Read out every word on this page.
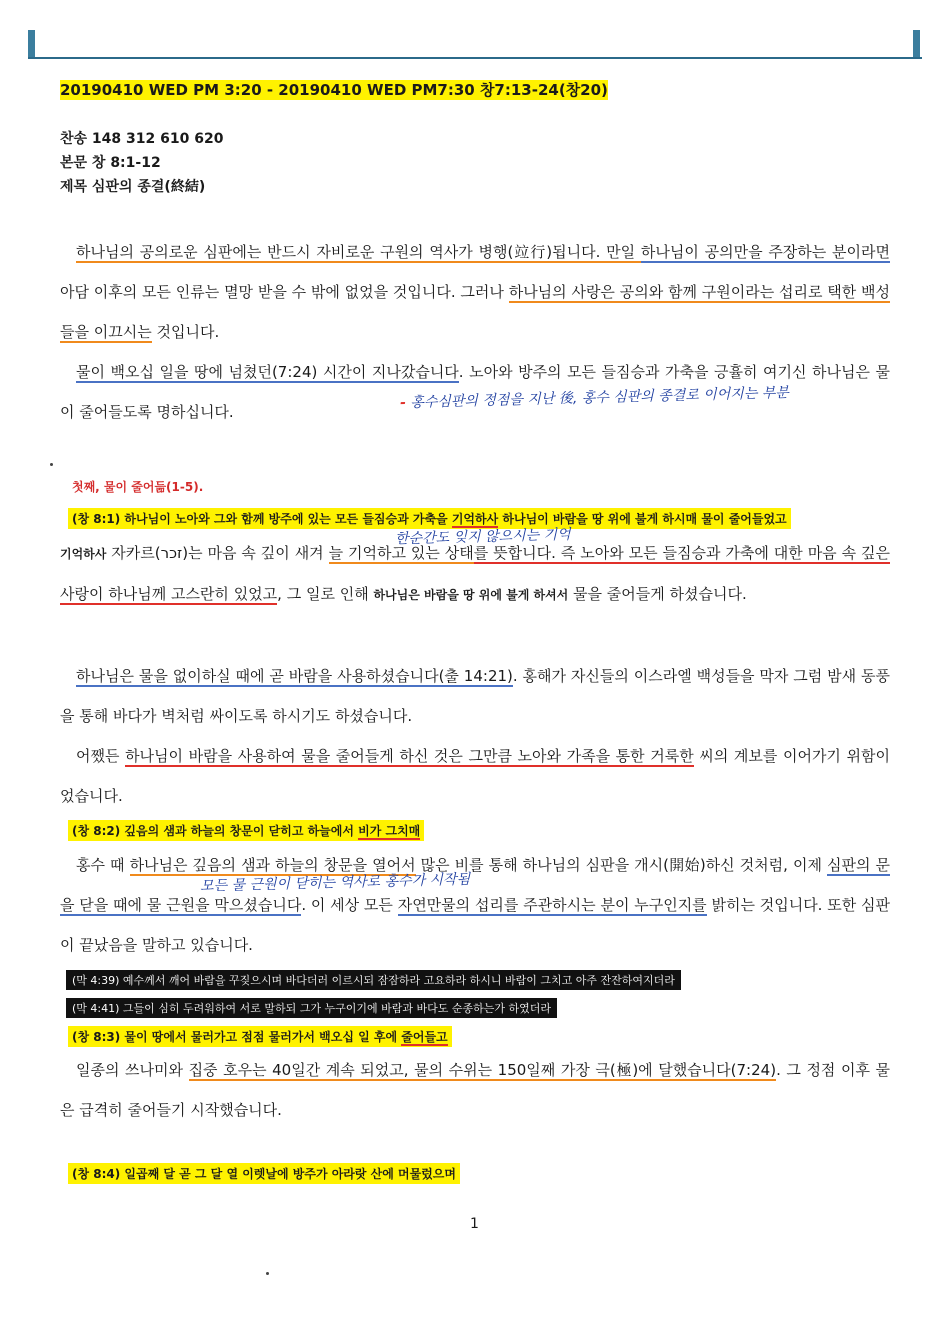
20190410 WED PM 3:20 - 20190410 WED PM7:30 창7:13-24(창20)
찬송 148 312 610 620
본문 창 8:1-12
제목 심판의 종결(終結)

하나님의 공의로운 심판에는 반드시 자비로운 구원의 역사가 병행(竝行)됩니다. 만일 하나님이 공의만을 주장하는 분이라면 아담 이후의 모든 인류는 멸망 받을 수 밖에 없었을 것입니다. 그러나 하나님의 사랑은 공의와 함께 구원이라는 섭리로 택한 백성들을 이끄시는 것입니다.

물이 백오십 일을 땅에 넘쳤던(7:24) 시간이 지나갔습니다. 노아와 방주의 모든 들짐승과 가축을 긍휼히 여기신 하나님은 물이 줄어들도록 명하십니다.	- 홍수심판의 정점을 지난 後, 홍수 심판의 종결로 이어지는 부분
첫째, 물이 줄어듦(1-5).
(창 8:1) 하나님이 노아와 그와 함께 방주에 있는 모든 들짐승과 가축을 기억하사 하나님이 바람을 땅 위에 불게 하시매 물이 줄어들었고
한순간도 잊지 않으시는 기억

기억하사 자카르(זכר)는 마음 속 깊이 새겨 늘 기억하고 있는 상태를 뜻합니다. 즉 노아와 모든 들짐승과 가축에 대한 마음 속 깊은 사랑이 하나님께 고스란히 있었고, 그 일로 인해 하나님은 바람을 땅 위에 불게 하셔서 물을 줄어들게 하셨습니다.

하나님은 물을 없이하실 때에 곧 바람을 사용하셨습니다(출 14:21). 홍해가 자신들의 이스라엘 백성들을 막자 그럼 밤새 동풍을 통해 바다가 벽처럼 싸이도록 하시기도 하셨습니다.

어쨌든 하나님이 바람을 사용하여 물을 줄어들게 하신 것은 그만큼 노아와 가족을 통한 거룩한 씨의 계보를 이어가기 위함이었습니다.

(창 8:2) 깊음의 샘과 하늘의 창문이 닫히고 하늘에서 비가 그치매

홍수 때 하나님은 깊음의 샘과 하늘의 창문을 열어서 많은 비를 통해 하나님의 심판을 개시(開始)하신 것처럼, 이제 심판의 문을 닫을 때에 물 근원을 막으셨습니다. 이 세상 모든 자연만물의 섭리를 주관하시는 분이 누구인지를 밝히는 것입니다. 또한 심판이 끝났음을 말하고 있습니다.

모든 물 근원이 닫히는 역사로 홍수가 시작됨
(막 4:39) 예수께서 깨어 바람을 꾸짖으시며 바다더러 이르시되 잠잠하라 고요하라 하시니 바람이 그치고 아주 잔잔하여지더라
(막 4:41) 그들이 심히 두려워하여 서로 말하되 그가 누구이기에 바람과 바다도 순종하는가 하였더라
(창 8:3) 물이 땅에서 물러가고 점점 물러가서 백오십 일 후에 줄어들고

일종의 쓰나미와 집중 호우는 40일간 계속 되었고, 물의 수위는 150일째 가장 극(極)에 달했습니다(7:24). 그 정점 이후 물은 급격히 줄어들기 시작했습니다.

(창 8:4) 일곱째 달 곧 그 달 열 이렛날에 방주가 아라랏 산에 머물렀으며
1
